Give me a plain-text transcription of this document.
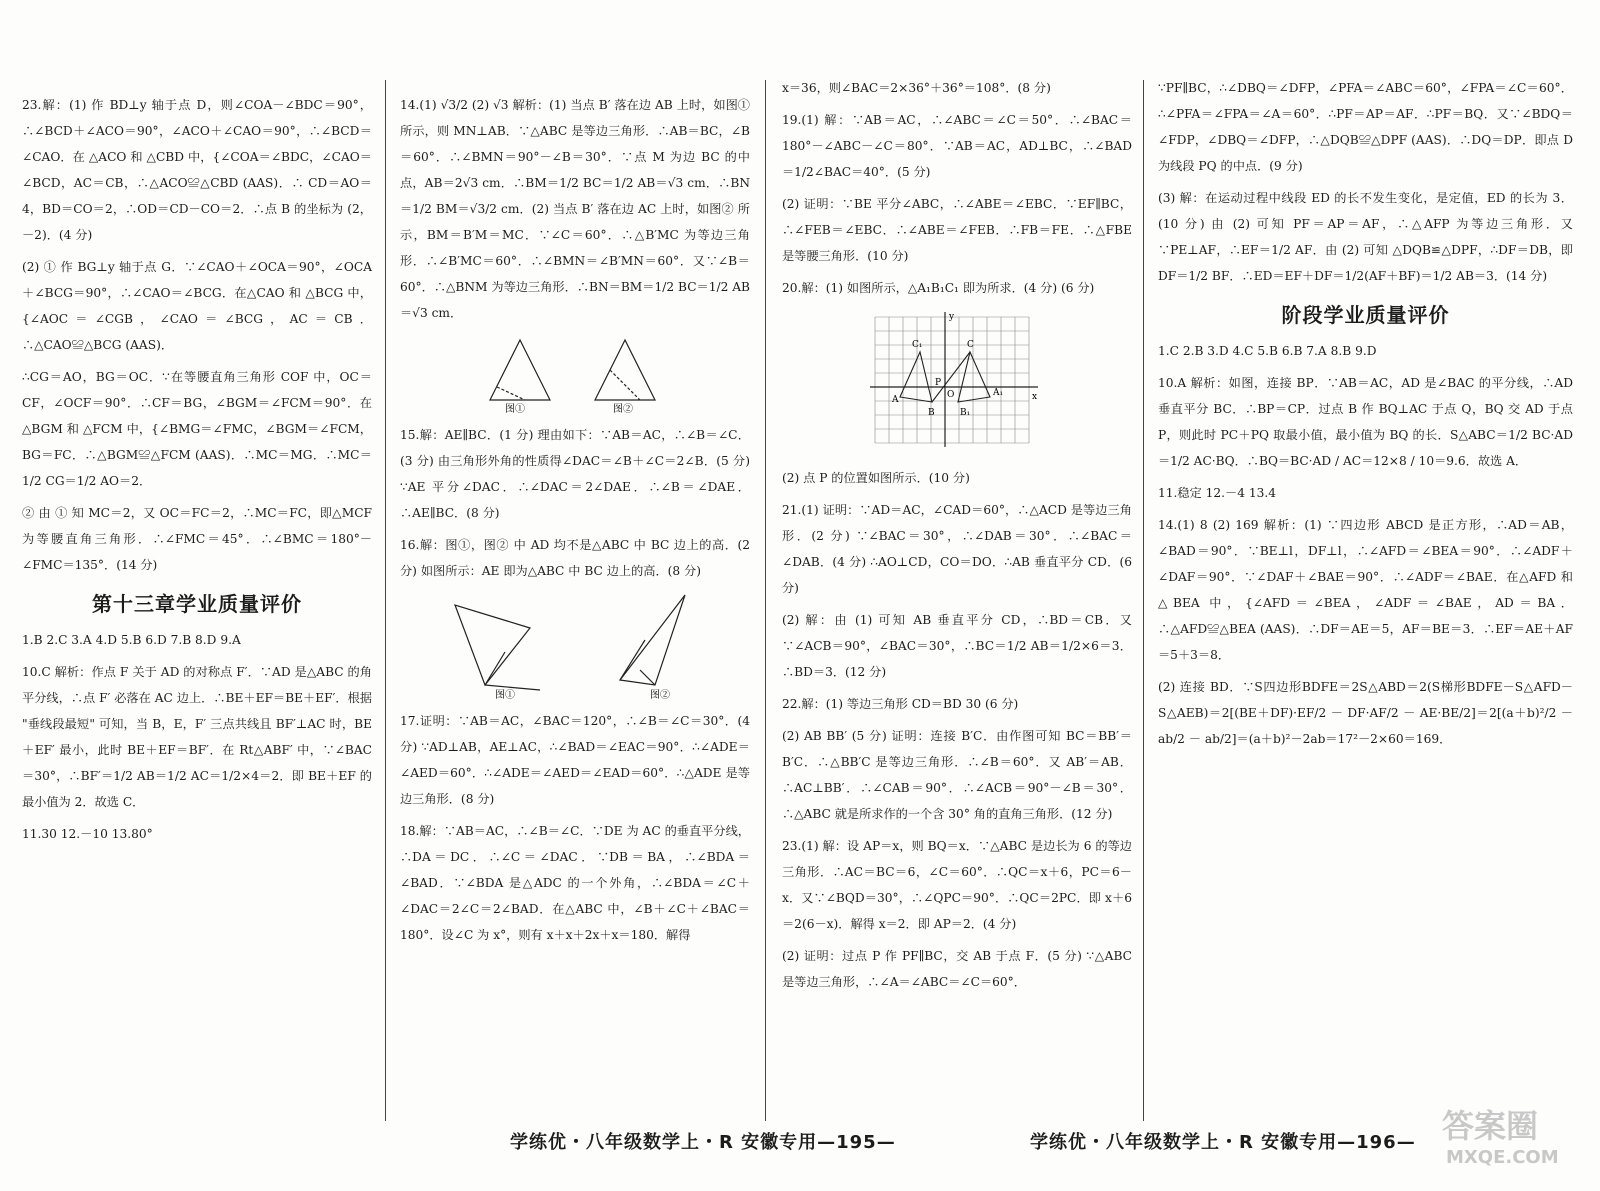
23.解：(1) 作 BD⊥y 轴于点 D，则∠COA－∠BDC＝90°，∴∠BCD＋∠ACO＝90°，∠ACO＋∠CAO＝90°，∴∠BCD＝∠CAO．在 △ACO 和 △CBD 中，{∠COA＝∠BDC，∠CAO＝∠BCD，AC＝CB，∴△ACO≌△CBD (AAS)．∴ CD＝AO＝4，BD＝CO＝2，∴OD＝CD－CO＝2．∴点 B 的坐标为 (2，－2)．(4 分)

(2) ① 作 BG⊥y 轴于点 G．∵∠CAO＋∠OCA＝90°，∠OCA＋∠BCG＝90°，∴∠CAO＝∠BCG．在△CAO 和 △BCG 中，{∠AOC＝∠CGB，∠CAO＝∠BCG，AC＝CB．∴△CAO≌△BCG (AAS)．

∴CG＝AO，BG＝OC．∵在等腰直角三角形 COF 中，OC＝CF，∠OCF＝90°．∴CF＝BG，∠BGM＝∠FCM＝90°．在 △BGM 和 △FCM 中，{∠BMG＝∠FMC，∠BGM＝∠FCM，BG＝FC．∴△BGM≌△FCM (AAS)．∴MC＝MG．∴MC＝1/2 CG＝1/2 AO＝2．

② 由 ① 知 MC＝2，又 OC＝FC＝2，∴MC＝FC，即△MCF 为等腰直角三角形．∴∠FMC＝45°．∴∠BMC＝180°－∠FMC＝135°．(14 分)

第十三章学业质量评价

1.B 2.C 3.A 4.D 5.B 6.D 7.B 8.D 9.A

10.C 解析：作点 F 关于 AD 的对称点 F′．∵AD 是△ABC 的角平分线，∴点 F′ 必落在 AC 边上．∴BE＋EF＝BE＋EF′．根据 "垂线段最短" 可知，当 B，E，F′ 三点共线且 BF′⊥AC 时，BE＋EF′ 最小，此时 BE＋EF＝BF′．在 Rt△ABF′ 中，∵∠BAC＝30°，∴BF′＝1/2 AB＝1/2 AC＝1/2×4＝2．即 BE＋EF 的最小值为 2．故选 C．

11.30 12.－10 13.80°

14.(1) √3/2 (2) √3 解析：(1) 当点 B′ 落在边 AB 上时，如图① 所示，则 MN⊥AB．∵△ABC 是等边三角形．∴AB＝BC，∠B＝60°．∴∠BMN＝90°－∠B＝30°．∵点 M 为边 BC 的中点，AB＝2√3 cm．∴BM＝1/2 BC＝1/2 AB＝√3 cm．∴BN＝1/2 BM＝√3/2 cm．(2) 当点 B′ 落在边 AC 上时，如图② 所示，BM＝B′M＝MC．∵∠C＝60°．∴△B′MC 为等边三角形．∴∠B′MC＝60°．∴∠BMN＝∠B′MN＝60°．又∵∠B＝60°．∴△BNM 为等边三角形．∴BN＝BM＝1/2 BC＝1/2 AB＝√3 cm．

图①	图②

15.解：AE∥BC．(1 分) 理由如下：∵AB＝AC，∴∠B＝∠C．(3 分) 由三角形外角的性质得∠DAC＝∠B＋∠C＝2∠B．(5 分) ∵AE 平分∠DAC．∴∠DAC＝2∠DAE．∴∠B＝∠DAE．∴AE∥BC．(8 分)

16.解：图①，图② 中 AD 均不是△ABC 中 BC 边上的高．(2 分) 如图所示：AE 即为△ABC 中 BC 边上的高．(8 分)

图①	图②

17.证明：∵AB＝AC，∠BAC＝120°，∴∠B＝∠C＝30°．(4 分) ∵AD⊥AB，AE⊥AC，∴∠BAD＝∠EAC＝90°．∴∠ADE＝∠AED＝60°．∴∠ADE＝∠AED＝∠EAD＝60°．∴△ADE 是等边三角形．(8 分)

18.解：∵AB＝AC，∴∠B＝∠C．∵DE 为 AC 的垂直平分线，∴DA＝DC．∴∠C＝∠DAC．∵DB＝BA，∴∠BDA＝∠BAD．∵∠BDA 是△ADC 的一个外角，∴∠BDA＝∠C＋∠DAC＝2∠C＝2∠BAD．在△ABC 中，∠B＋∠C＋∠BAC＝180°．设∠C 为 x°，则有 x＋x＋2x＋x＝180．解得

x＝36，则∠BAC＝2×36°＋36°＝108°．(8 分)

19.(1) 解：∵AB＝AC，∴∠ABC＝∠C＝50°．∴∠BAC＝180°－∠ABC－∠C＝80°．∵AB＝AC，AD⊥BC，∴∠BAD＝1/2∠BAC＝40°．(5 分)

(2) 证明：∵BE 平分∠ABC，∴∠ABE＝∠EBC．∵EF∥BC，∴∠FEB＝∠EBC．∴∠ABE＝∠FEB．∴FB＝FE．∴△FBE 是等腰三角形．(10 分)

20.解：(1) 如图所示，△A₁B₁C₁ 即为所求．(4 分) (6 分)

C₁	C
A
B
P
A₁
B₁
O	x
y

(2) 点 P 的位置如图所示．(10 分)

21.(1) 证明：∵AD＝AC，∠CAD＝60°，∴△ACD 是等边三角形．(2 分) ∵∠BAC＝30°，∴∠DAB＝30°．∴∠BAC＝∠DAB．(4 分) ∴AO⊥CD，CO＝DO．∴AB 垂直平分 CD．(6 分)

(2) 解：由 (1) 可知 AB 垂直平分 CD，∴BD＝CB．又∵∠ACB＝90°，∠BAC＝30°，∴BC＝1/2 AB＝1/2×6＝3．∴BD＝3．(12 分)

22.解：(1) 等边三角形 CD＝BD 30 (6 分)

(2) AB BB′ (5 分) 证明：连接 B′C．由作图可知 BC＝BB′＝B′C．∴△BB′C 是等边三角形．∴∠B＝60°．又 AB′＝AB．∴AC⊥BB′．∴∠CAB＝90°．∴∠ACB＝90°－∠B＝30°．∴△ABC 就是所求作的一个含 30° 角的直角三角形．(12 分)

23.(1) 解：设 AP＝x，则 BQ＝x．∵△ABC 是边长为 6 的等边三角形．∴AC＝BC＝6，∠C＝60°．∴QC＝x＋6，PC＝6－x．又∵∠BQD＝30°，∴∠QPC＝90°．∴QC＝2PC．即 x＋6＝2(6－x)．解得 x＝2．即 AP＝2．(4 分)

(2) 证明：过点 P 作 PF∥BC，交 AB 于点 F．(5 分) ∵△ABC 是等边三角形，∴∠A＝∠ABC＝∠C＝60°．

∵PF∥BC，∴∠DBQ＝∠DFP，∠PFA＝∠ABC＝60°，∠FPA＝∠C＝60°．∴∠PFA＝∠FPA＝∠A＝60°．∴PF＝AP＝AF．∴PF＝BQ．又∵∠BDQ＝∠FDP，∠DBQ＝∠DFP，∴△DQB≌△DPF (AAS)．∴DQ＝DP．即点 D 为线段 PQ 的中点．(9 分)

(3) 解：在运动过程中线段 ED 的长不发生变化，是定值，ED 的长为 3．(10 分) 由 (2) 可知 PF＝AP＝AF，∴△AFP 为等边三角形．又∵PE⊥AF，∴EF＝1/2 AF．由 (2) 可知 △DQB≌△DPF，∴DF＝DB，即 DF＝1/2 BF．∴ED＝EF＋DF＝1/2(AF＋BF)＝1/2 AB＝3．(14 分)

阶段学业质量评价

1.C 2.B 3.D 4.C 5.B 6.B 7.A 8.B 9.D

10.A 解析：如图，连接 BP．∵AB＝AC，AD 是∠BAC 的平分线，∴AD 垂直平分 BC．∴BP＝CP．过点 B 作 BQ⊥AC 于点 Q，BQ 交 AD 于点 P，则此时 PC＋PQ 取最小值，最小值为 BQ 的长．S△ABC＝1/2 BC·AD＝1/2 AC·BQ．∴BQ＝BC·AD / AC＝12×8 / 10＝9.6．故选 A．

11.稳定 12.－4 13.4

14.(1) 8 (2) 169 解析：(1) ∵四边形 ABCD 是正方形，∴AD＝AB，∠BAD＝90°．∵BE⊥l，DF⊥l，∴∠AFD＝∠BEA＝90°．∴∠ADF＋∠DAF＝90°．∵∠DAF＋∠BAE＝90°．∴∠ADF＝∠BAE．在△AFD 和 △BEA 中，{∠AFD＝∠BEA，∠ADF＝∠BAE，AD＝BA．∴△AFD≌△BEA (AAS)．∴DF＝AE＝5，AF＝BE＝3．∴EF＝AE＋AF＝5＋3＝8．

(2) 连接 BD．∵S四边形BDFE＝2S△ABD＝2(S梯形BDFE－S△AFD－S△AEB)＝2[(BE＋DF)·EF/2 － DF·AF/2 － AE·BE/2]＝2[(a＋b)²/2 － ab/2 － ab/2]＝(a＋b)²－2ab＝17²－2×60＝169．

学练优・八年级数学上・R 安徽专用—195—	学练优・八年级数学上・R 安徽专用—196— 答案圈
MXQE.COM
